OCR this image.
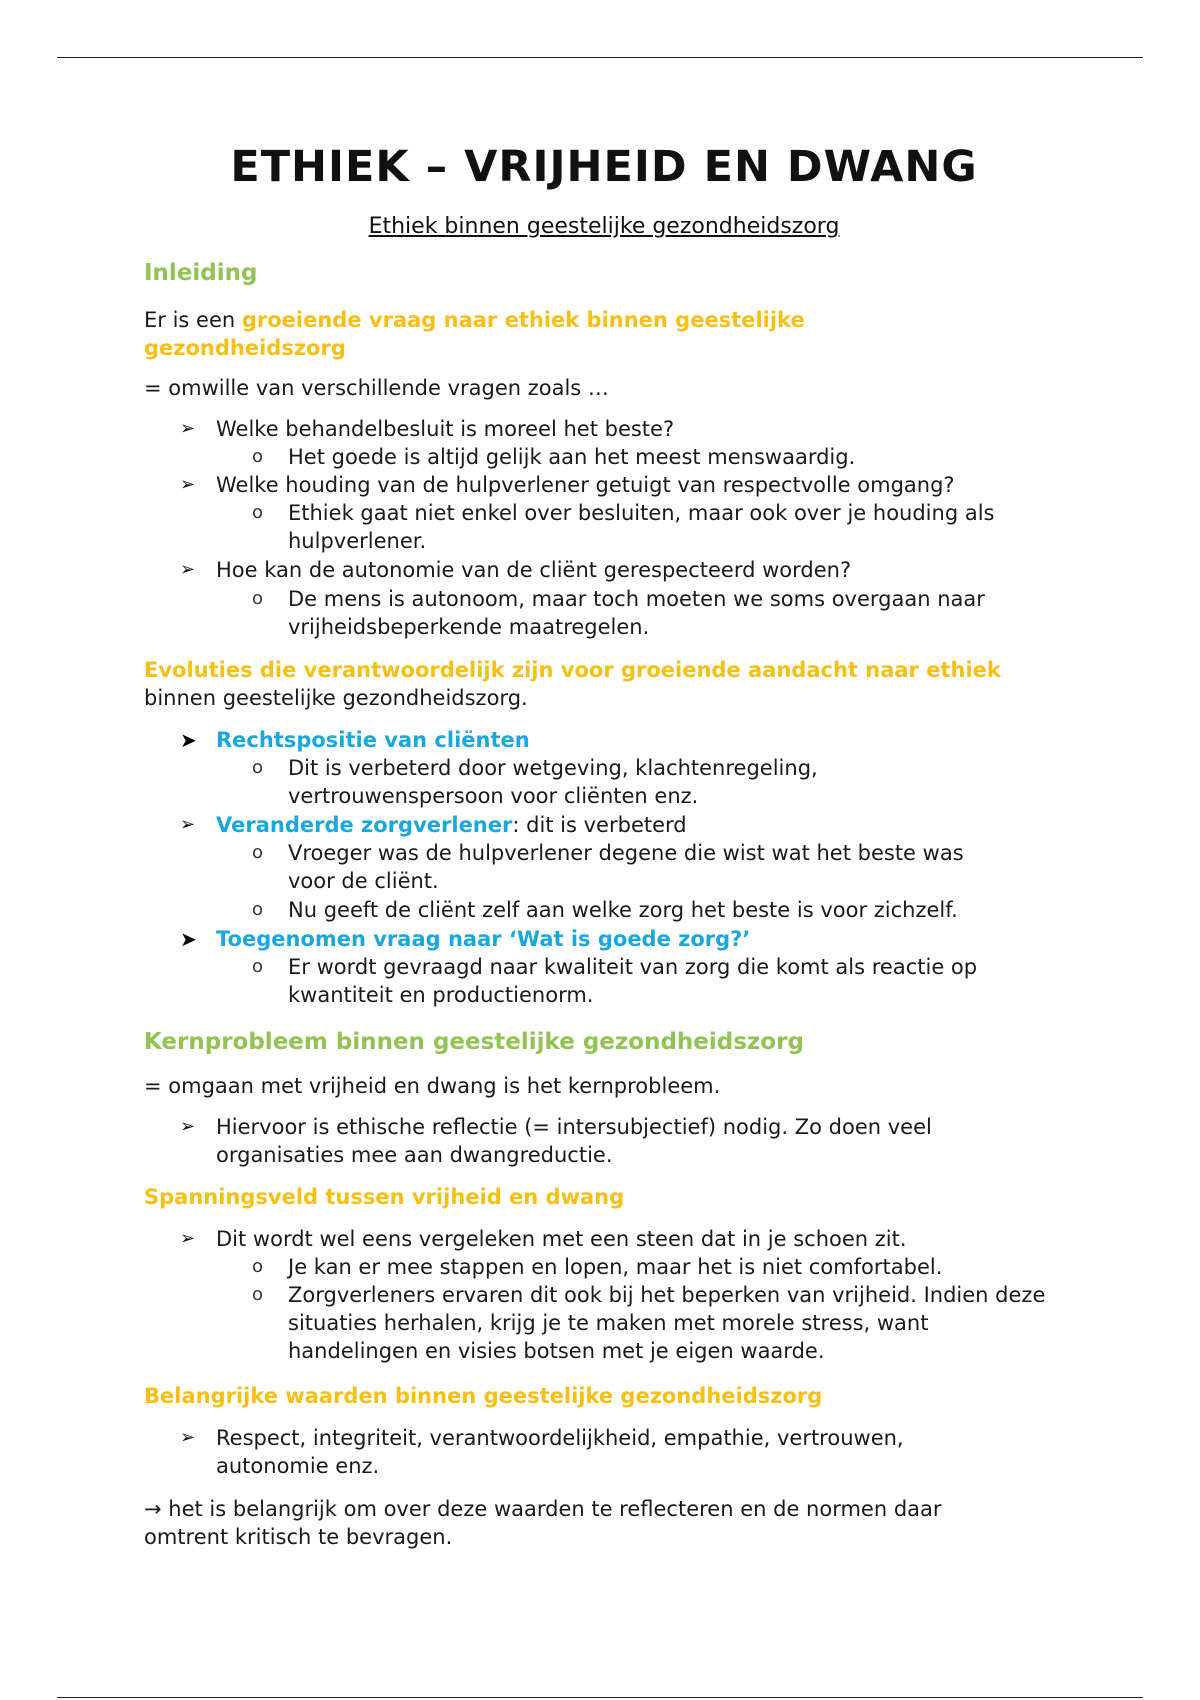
ETHIEK – VRIJHEID EN DWANG

Ethiek binnen geestelijke gezondheidszorg

Inleiding

Er is een groeiende vraag naar ethiek binnen geestelijke gezondheidszorg

= omwille van verschillende vragen zoals …

➢ Welke behandelbesluit is moreel het beste?

o Het goede is altijd gelijk aan het meest menswaardig.

➢ Welke houding van de hulpverlener getuigt van respectvolle omgang?

o Ethiek gaat niet enkel over besluiten, maar ook over je houding als hulpverlener.

➢ Hoe kan de autonomie van de cliënt gerespecteerd worden?

o De mens is autonoom, maar toch moeten we soms overgaan naar vrijheidsbeperkende maatregelen.

Evoluties die verantwoordelijk zijn voor groeiende aandacht naar ethiek
binnen geestelijke gezondheidszorg.

➤ Rechtspositie van cliënten

o Dit is verbeterd door wetgeving, klachtenregeling, vertrouwenspersoon voor cliënten enz.

➢ Veranderde zorgverlener: dit is verbeterd

o Vroeger was de hulpverlener degene die wist wat het beste was voor de cliënt.

o Nu geeft de cliënt zelf aan welke zorg het beste is voor zichzelf.

➤ Toegenomen vraag naar ‘Wat is goede zorg?’

o Er wordt gevraagd naar kwaliteit van zorg die komt als reactie op kwantiteit en productienorm.

Kernprobleem binnen geestelijke gezondheidszorg

= omgaan met vrijheid en dwang is het kernprobleem.

➢ Hiervoor is ethische reflectie (= intersubjectief) nodig. Zo doen veel organisaties mee aan dwangreductie.

Spanningsveld tussen vrijheid en dwang

➢ Dit wordt wel eens vergeleken met een steen dat in je schoen zit.

o Je kan er mee stappen en lopen, maar het is niet comfortabel.

o Zorgverleners ervaren dit ook bij het beperken van vrijheid. Indien deze situaties herhalen, krijg je te maken met morele stress, want handelingen en visies botsen met je eigen waarde.

Belangrijke waarden binnen geestelijke gezondheidszorg

➢ Respect, integriteit, verantwoordelijkheid, empathie, vertrouwen, autonomie enz.

→ het is belangrijk om over deze waarden te reflecteren en de normen daar omtrent kritisch te bevragen.
